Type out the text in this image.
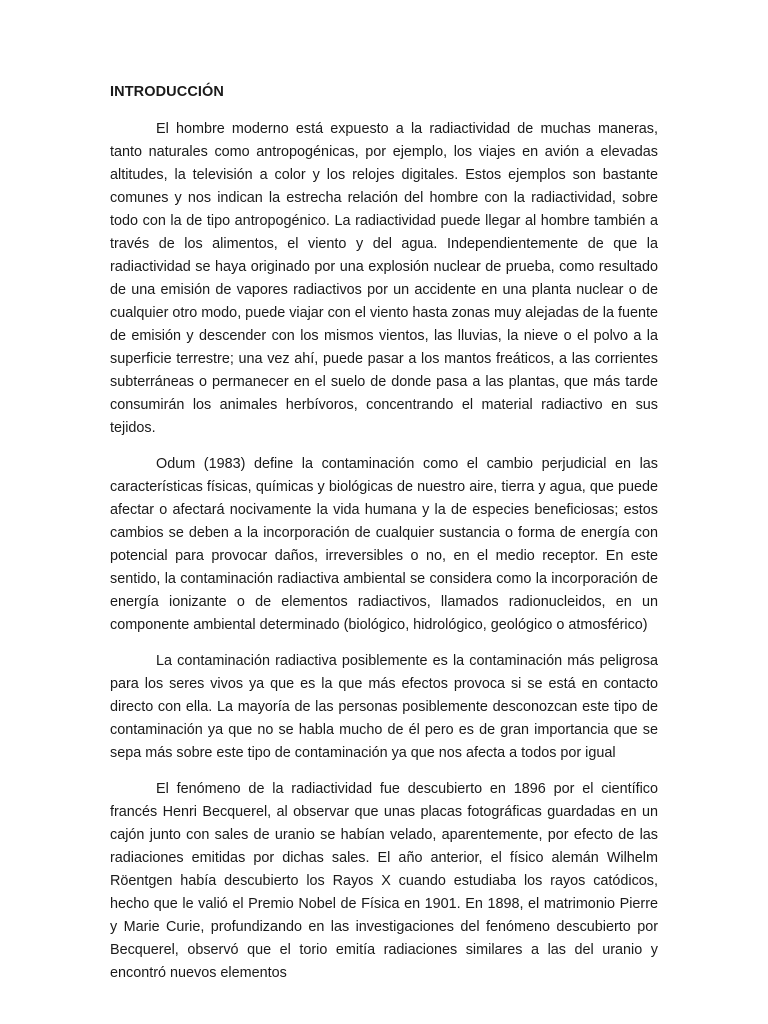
INTRODUCCIÓN

El hombre moderno está expuesto a la radiactividad de muchas maneras, tanto naturales como antropogénicas, por ejemplo, los viajes en avión a elevadas altitudes, la televisión a color y los relojes digitales. Estos ejemplos son bastante comunes y nos indican la estrecha relación del hombre con la radiactividad, sobre todo con la de tipo antropogénico. La radiactividad puede llegar al hombre también a través de los alimentos, el viento y del agua. Independientemente de que la radiactividad se haya originado por una explosión nuclear de prueba, como resultado de una emisión de vapores radiactivos por un accidente en una planta nuclear o de cualquier otro modo, puede viajar con el viento hasta zonas muy alejadas de la fuente de emisión y descender con los mismos vientos, las lluvias, la nieve o el polvo a la superficie terrestre; una vez ahí, puede pasar a los mantos freáticos, a las corrientes subterráneas o permanecer en el suelo de donde pasa a las plantas, que más tarde consumirán los animales herbívoros, concentrando el material radiactivo en sus tejidos.

Odum (1983) define la contaminación como el cambio perjudicial en las características físicas, químicas y biológicas de nuestro aire, tierra y agua, que puede afectar o afectará nocivamente la vida humana y la de especies beneficiosas; estos cambios se deben a la incorporación de cualquier sustancia o forma de energía con potencial para provocar daños, irreversibles o no, en el medio receptor. En este sentido, la contaminación radiactiva ambiental se considera como la incorporación de energía ionizante o de elementos radiactivos, llamados radionucleidos, en un componente ambiental determinado (biológico, hidrológico, geológico o atmosférico)

La contaminación radiactiva posiblemente es la contaminación más peligrosa para los seres vivos ya que es la que más efectos provoca si se está en contacto directo con ella. La mayoría de las personas posiblemente desconozcan este tipo de contaminación ya que no se habla mucho de él pero es de gran importancia que se sepa más sobre este tipo de contaminación ya que nos afecta a todos por igual

El fenómeno de la radiactividad fue descubierto en 1896 por el científico francés Henri Becquerel, al observar que unas placas fotográficas guardadas en un cajón junto con sales de uranio se habían velado, aparentemente, por efecto de las radiaciones emitidas por dichas sales. El año anterior, el físico alemán Wilhelm Röentgen había descubierto los Rayos X cuando estudiaba los rayos catódicos, hecho que le valió el Premio Nobel de Física en 1901. En 1898, el matrimonio Pierre y Marie Curie, profundizando en las investigaciones del fenómeno descubierto por Becquerel, observó que el torio emitía radiaciones similares a las del uranio y encontró nuevos elementos
